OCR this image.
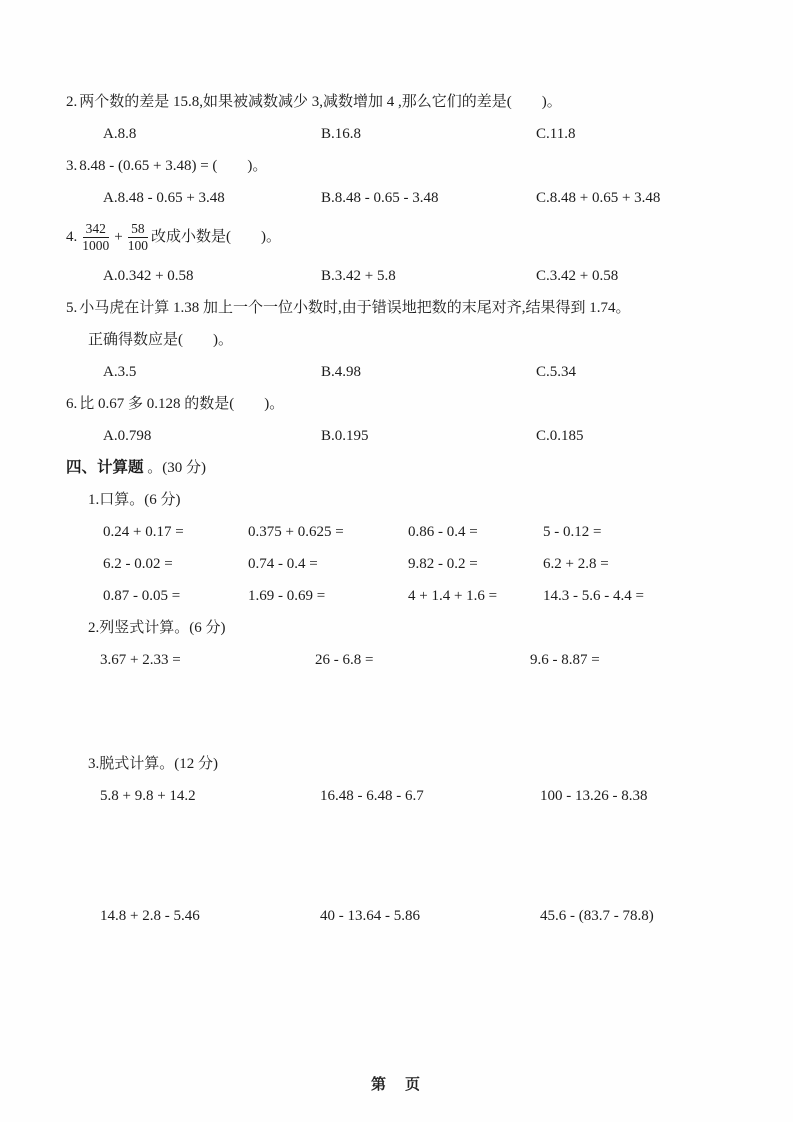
2. 两个数的差是 15.8,如果被减数减少 3,减数增加 4 ,那么它们的差是(　　)。
A.8.8	B.16.8	C.11.8
3. 8.48 - (0.65 + 3.48) = (　　)。
A.8.48 - 0.65 + 3.48	B.8.48 - 0.65 - 3.48	C.8.48 + 0.65 + 3.48
4. $\frac{342}{1000} + \frac{58}{100}$ 改成小数是(　　)。
A.0.342 + 0.58	B.3.42 + 5.8	C.3.42 + 0.58
5. 小马虎在计算 1.38 加上一个一位小数时,由于错误地把数的末尾对齐,结果得到 1.74。
正确得数应是(　　)。
A.3.5	B.4.98	C.5.34
6. 比 0.67 多 0.128 的数是(　　)。
A.0.798	B.0.195	C.0.185
四、计算题 。(30 分)
1.口算。(6 分)
0.24 + 0.17 =	0.375 + 0.625 =	0.86 - 0.4 =	5 - 0.12 =
6.2 - 0.02 =	0.74 - 0.4 =	9.82 - 0.2 =	6.2 + 2.8 =
0.87 - 0.05 =	1.69 - 0.69 =	4 + 1.4 + 1.6 =	14.3 - 5.6 - 4.4 =
2.列竖式计算。(6 分)
3.67 + 2.33 =	26 - 6.8 =	9.6 - 8.87 =
3.脱式计算。(12 分)
5.8 + 9.8 + 14.2	16.48 - 6.48 - 6.7	100 - 13.26 - 8.38
14.8 + 2.8 - 5.46	40 - 13.64 - 5.86	45.6 - (83.7 - 78.8)
第　页
